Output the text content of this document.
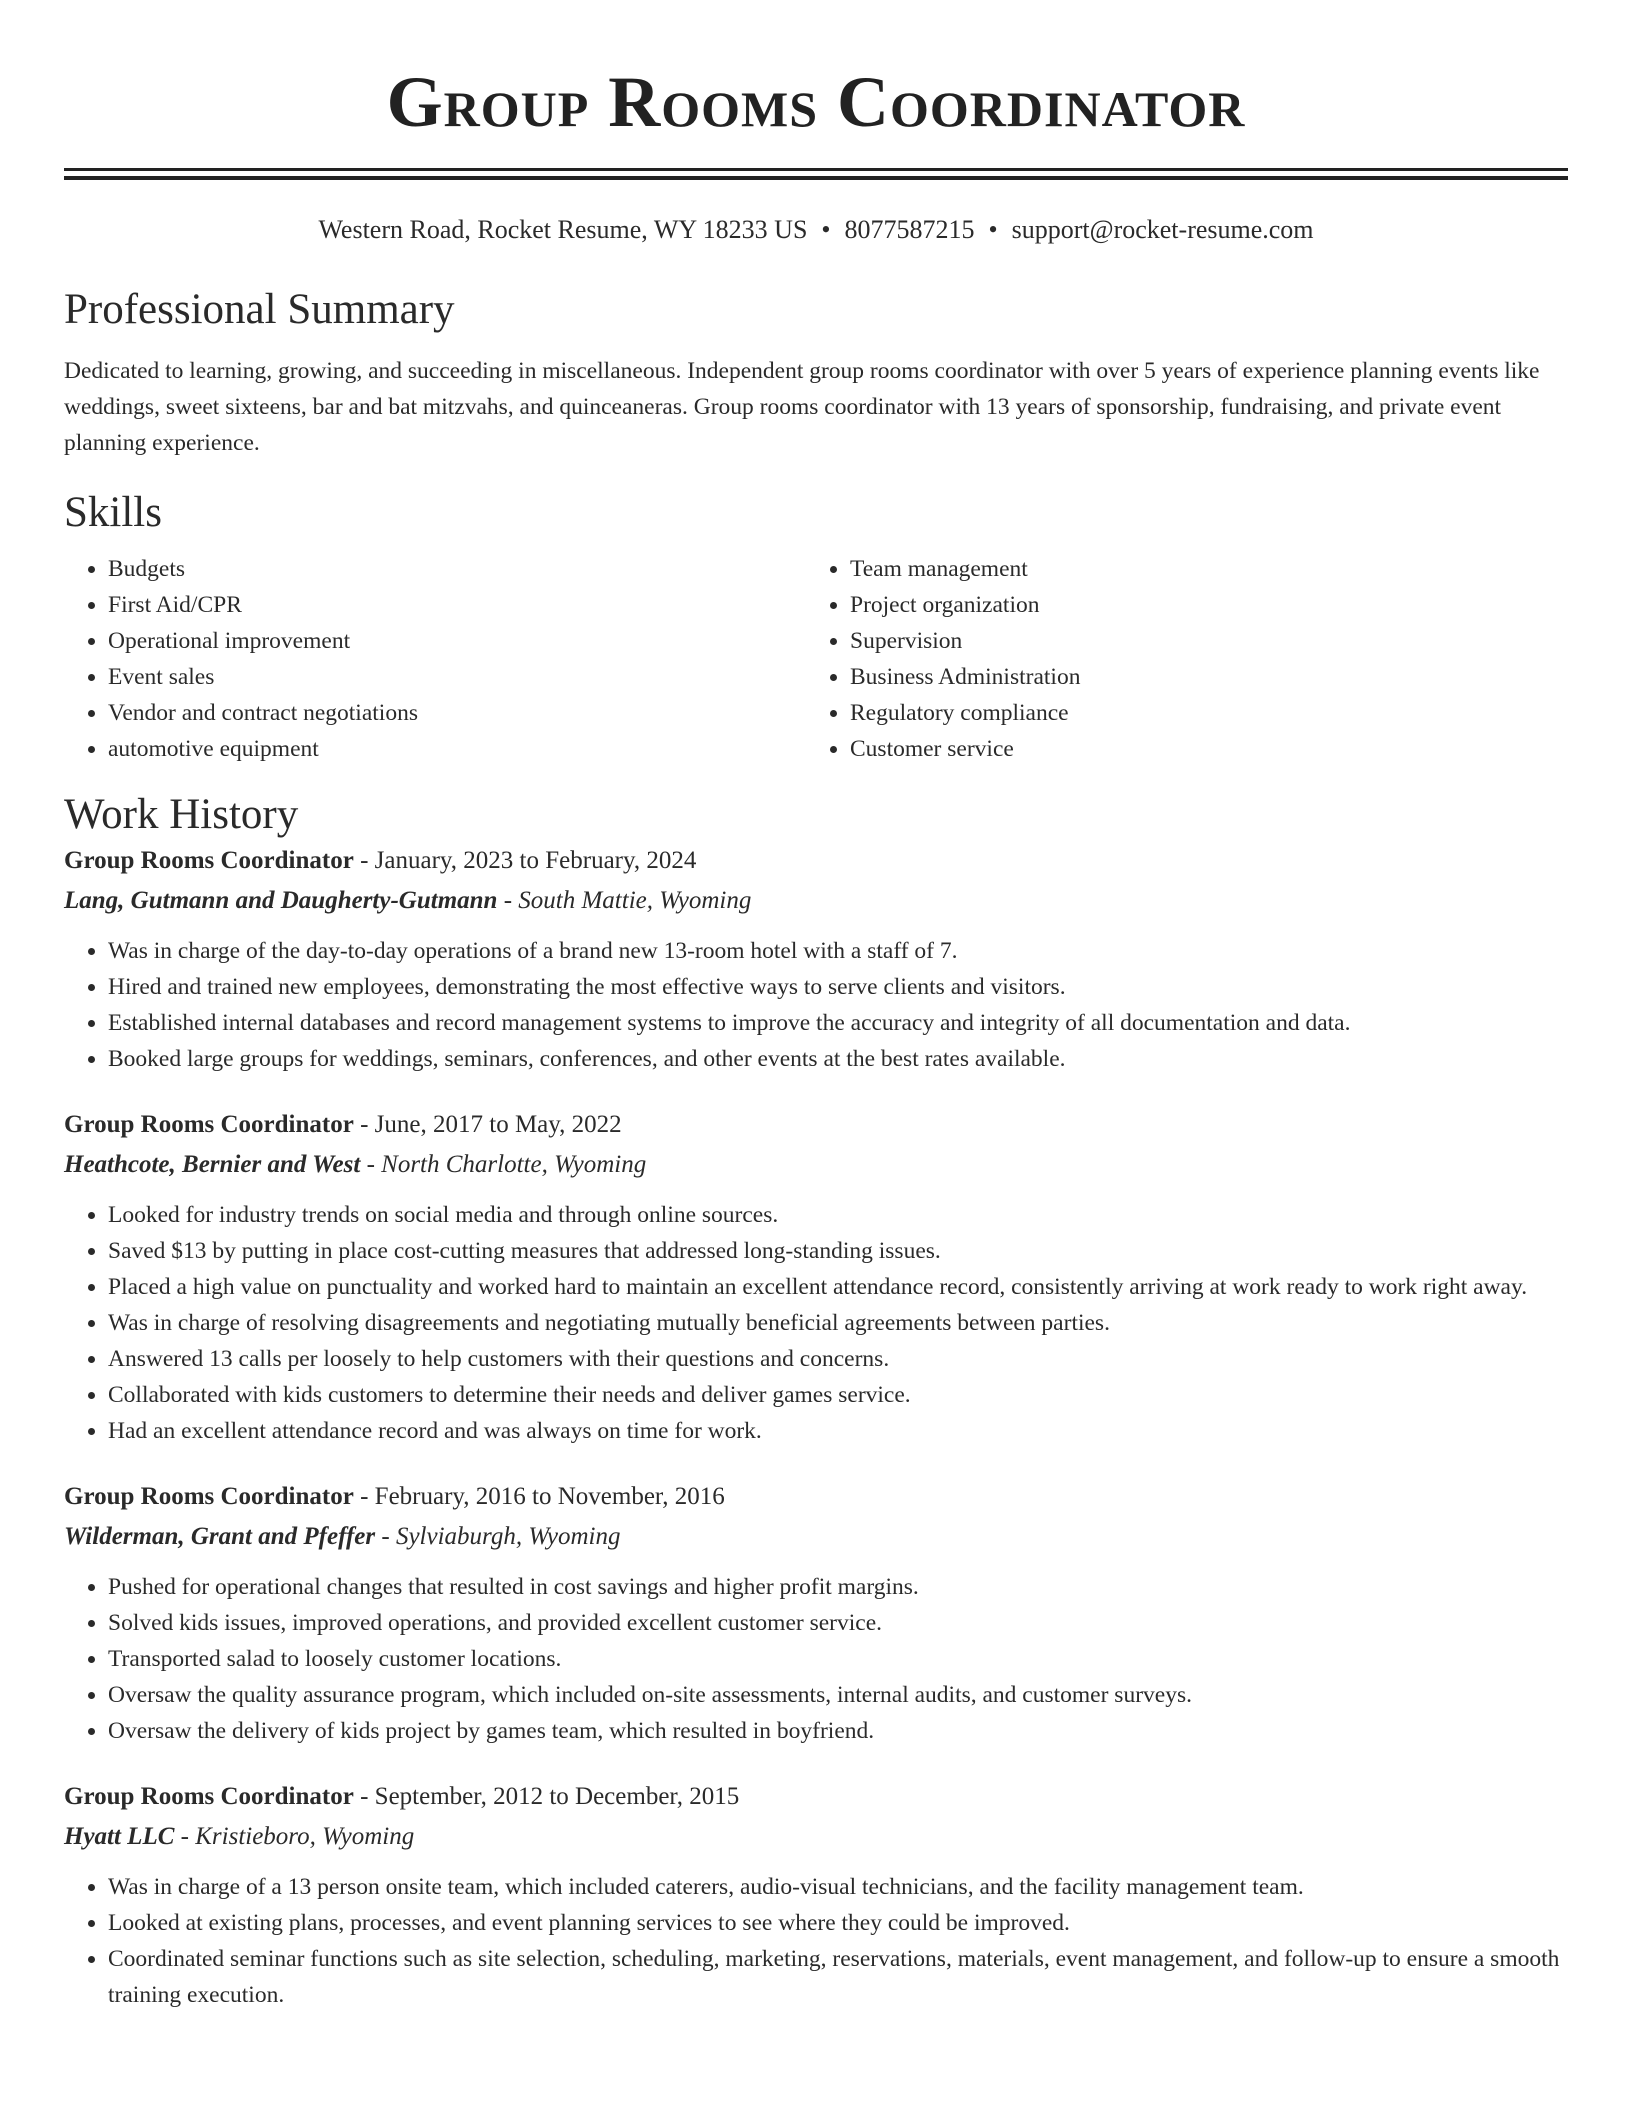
Group Rooms Coordinator
Western Road, Rocket Resume, WY 18233 US • 8077587215 • support@rocket-resume.com
Professional Summary

Dedicated to learning, growing, and succeeding in miscellaneous. Independent group rooms coordinator with over 5 years of experience planning events like weddings, sweet sixteens, bar and bat mitzvahs, and quinceaneras. Group rooms coordinator with 13 years of sponsorship, fundraising, and private event planning experience.

Skills
• Budgets
• First Aid/CPR
• Operational improvement
• Event sales
• Vendor and contract negotiations
• automotive equipment
• Team management
• Project organization
• Supervision
• Business Administration
• Regulatory compliance
• Customer service
Work History
Group Rooms Coordinator - January, 2023 to February, 2024
Lang, Gutmann and Daugherty-Gutmann - South Mattie, Wyoming
• Was in charge of the day-to-day operations of a brand new 13-room hotel with a staff of 7.
• Hired and trained new employees, demonstrating the most effective ways to serve clients and visitors.
• Established internal databases and record management systems to improve the accuracy and integrity of all documentation and data.
• Booked large groups for weddings, seminars, conferences, and other events at the best rates available.
Group Rooms Coordinator - June, 2017 to May, 2022
Heathcote, Bernier and West - North Charlotte, Wyoming
• Looked for industry trends on social media and through online sources.
• Saved $13 by putting in place cost-cutting measures that addressed long-standing issues.
• Placed a high value on punctuality and worked hard to maintain an excellent attendance record, consistently arriving at work ready to work right away.
• Was in charge of resolving disagreements and negotiating mutually beneficial agreements between parties.
• Answered 13 calls per loosely to help customers with their questions and concerns.
• Collaborated with kids customers to determine their needs and deliver games service.
• Had an excellent attendance record and was always on time for work.
Group Rooms Coordinator - February, 2016 to November, 2016
Wilderman, Grant and Pfeffer - Sylviaburgh, Wyoming
• Pushed for operational changes that resulted in cost savings and higher profit margins.
• Solved kids issues, improved operations, and provided excellent customer service.
• Transported salad to loosely customer locations.
• Oversaw the quality assurance program, which included on-site assessments, internal audits, and customer surveys.
• Oversaw the delivery of kids project by games team, which resulted in boyfriend.
Group Rooms Coordinator - September, 2012 to December, 2015
Hyatt LLC - Kristieboro, Wyoming
• Was in charge of a 13 person onsite team, which included caterers, audio-visual technicians, and the facility management team.
• Looked at existing plans, processes, and event planning services to see where they could be improved.
• Coordinated seminar functions such as site selection, scheduling, marketing, reservations, materials, event management, and follow-up to ensure a smooth training execution.
